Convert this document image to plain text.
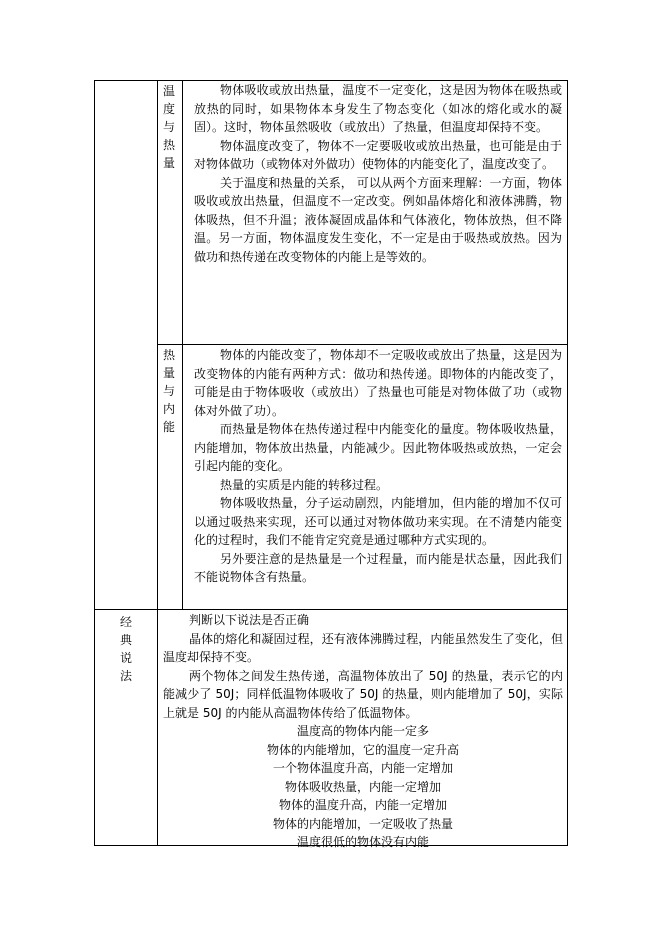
温
度
与
热
量

物体吸收或放出热量，温度不一定变化，这是因为物体在吸热或放热的同时，如果物体本身发生了物态变化（如冰的熔化或水的凝固）。这时，物体虽然吸收（或放出）了热量，但温度却保持不变。

物体温度改变了，物体不一定要吸收或放出热量，也可能是由于对物体做功（或物体对外做功）使物体的内能变化了，温度改变了。

关于温度和热量的关系， 可以从两个方面来理解：一方面，物体吸收或放出热量，但温度不一定改变。例如晶体熔化和液体沸腾，物体吸热，但不升温；液体凝固成晶体和气体液化，物体放热，但不降温。另一方面，物体温度发生变化，不一定是由于吸热或放热。因为做功和热传递在改变物体的内能上是等效的。

热
量
与
内
能

物体的内能改变了，物体却不一定吸收或放出了热量，这是因为改变物体的内能有两种方式：做功和热传递。即物体的内能改变了，可能是由于物体吸收（或放出）了热量也可能是对物体做了功（或物体对外做了功）。

而热量是物体在热传递过程中内能变化的量度。物体吸收热量，内能增加，物体放出热量，内能减少。因此物体吸热或放热，一定会引起内能的变化。

热量的实质是内能的转移过程。

物体吸收热量，分子运动剧烈，内能增加，但内能的增加不仅可以通过吸热来实现，还可以通过对物体做功来实现。在不清楚内能变化的过程时，我们不能肯定究竟是通过哪种方式实现的。

另外要注意的是热量是一个过程量，而内能是状态量，因此我们不能说物体含有热量。

经
典
说
法

判断以下说法是否正确

晶体的熔化和凝固过程，还有液体沸腾过程，内能虽然发生了变化，但温度却保持不变。

两个物体之间发生热传递，高温物体放出了 50J 的热量，表示它的内能减少了 50J；同样低温物体吸收了 50J 的热量，则内能增加了 50J，实际上就是 50J 的内能从高温物体传给了低温物体。

温度高的物体内能一定多

物体的内能增加，它的温度一定升高

一个物体温度升高，内能一定增加

物体吸收热量，内能一定增加

物体的温度升高，内能一定增加

物体的内能增加，一定吸收了热量

温度很低的物体没有内能
